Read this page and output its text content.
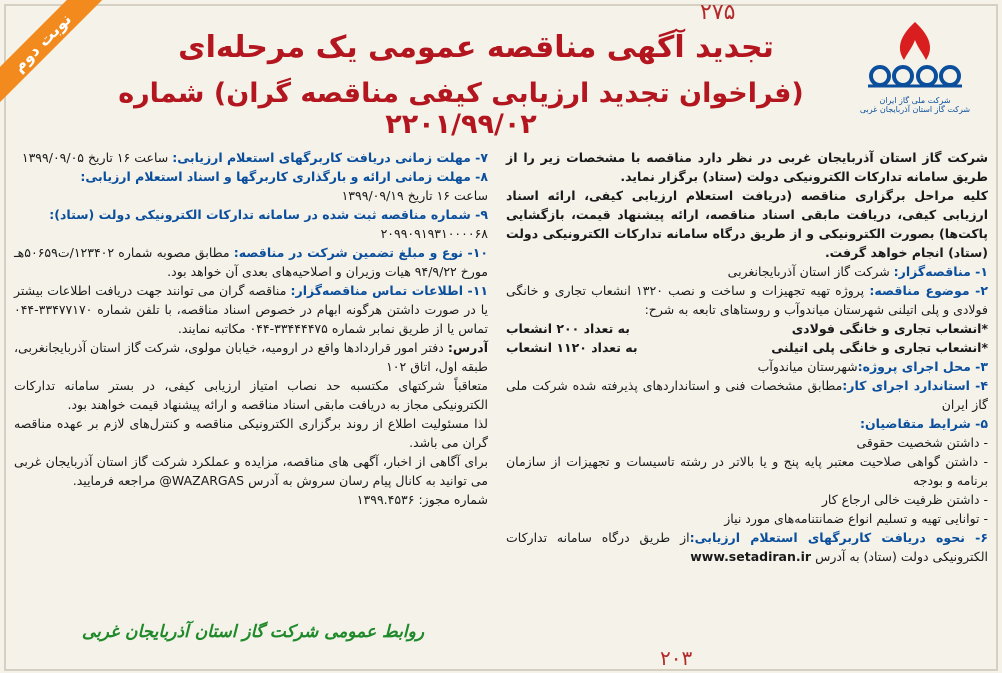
۲۷۵
۲۰۳
نوبت دوم
شرکت ملی گاز ایران
شرکت گاز استان آذربایجان غربی
تجدید آگهی مناقصه عمومی یک مرحله‌ای
(فراخوان تجدید ارزیابی کیفی مناقصه گران) شماره ۲۲۰۱/۹۹/۰۲

شرکت گاز استان آذربایجان غربی در نظر دارد مناقصه با مشخصات زیر را از طریق سامانه تدارکات الکترونیکی دولت (ستاد) برگزار نماید.

کلیه مراحل برگزاری مناقصه (دریافت استعلام ارزیابی کیفی، ارائه اسناد ارزیابی کیفی، دریافت مابقی اسناد مناقصه، ارائه پیشنهاد قیمت، بازگشایی پاکت‌ها) بصورت الکترونیکی و از طریق درگاه سامانه تدارکات الکترونیکی دولت (ستاد) انجام خواهد گرفت.

۱- مناقصه‌گزار: شرکت گاز استان آذربایجانغربی

۲- موضوع مناقصه: پروژه تهیه تجهیزات و ساخت و نصب ۱۳۲۰ انشعاب تجاری و خانگی فولادی و پلی اتیلنی شهرستان میاندوآب و روستاهای تابعه به شرح:

*انشعاب تجاری و خانگی فولادی
به تعداد ۲۰۰ انشعاب
*انشعاب تجاری و خانگی پلی اتیلنی
به تعداد ۱۱۲۰ انشعاب

۳- محل اجرای پروژه:شهرستان میاندوآب

۴- استاندارد اجرای کار:مطابق مشخصات فنی و استانداردهای پذیرفته شده شرکت ملی گاز ایران

۵- شرایط متقاضیان:

- داشتن شخصیت حقوقی

- داشتن گواهی صلاحیت معتبر پایه پنج و یا بالاتر در رشته تاسیسات و تجهیزات از سازمان برنامه و بودجه

- داشتن ظرفیت خالی ارجاع کار

- توانایی تهیه و تسلیم انواع ضمانتنامه‌های مورد نیاز

۶- نحوه دریافت کاربرگهای استعلام ارزیابی:از طریق درگاه سامانه تدارکات الکترونیکی دولت (ستاد) به آدرس www.setadiran.ir

۷- مهلت زمانی دریافت کاربرگهای استعلام ارزیابی: ساعت ۱۶ تاریخ ۱۳۹۹/۰۹/۰۵

۸- مهلت زمانی ارائه و بارگذاری کاربرگها و اسناد استعلام ارزیابی:

ساعت ۱۶ تاریخ ۱۳۹۹/۰۹/۱۹

۹- شماره مناقصه ثبت شده در سامانه تدارکات الکترونیکی دولت (ستاد):

۲۰۹۹۰۹۱۹۳۱۰۰۰۰۶۸

۱۰- نوع و مبلغ تضمین شرکت در مناقصه: مطابق مصوبه شماره ۱۲۳۴۰۲/ت۵۰۶۵۹هـ مورخ ۹۴/۹/۲۲ هیات وزیران و اصلاحیه‌های بعدی آن خواهد بود.

۱۱- اطلاعات تماس مناقصه‌گزار: مناقصه گران می توانند جهت دریافت اطلاعات بیشتر یا در صورت داشتن هرگونه ابهام در خصوص اسناد مناقصه، با تلفن شماره ۳۳۴۷۷۱۷۰-۰۴۴ تماس یا از طریق نمابر شماره ۳۳۴۴۴۴۷۵-۰۴۴ مکاتبه نمایند.

آدرس: دفتر امور قراردادها واقع در ارومیه، خیابان مولوی، شرکت گاز استان آذربایجانغربی، طبقه اول، اتاق ۱۰۲

متعاقباً شرکتهای مکتسبه حد نصاب امتیاز ارزیابی کیفی، در بستر سامانه تدارکات الکترونیکی مجاز به دریافت مابقی اسناد مناقصه و ارائه پیشنهاد قیمت خواهند بود.

لذا مسئولیت اطلاع از روند برگزاری الکترونیکی مناقصه و کنترل‌های لازم بر عهده مناقصه گران می باشد.

برای آگاهی از اخبار، آگهی های مناقصه، مزایده و عملکرد شرکت گاز استان آذربایجان غربی می توانید به کانال پیام رسان سروش به آدرس WAZARGAS@ مراجعه فرمایید.

شماره مجوز: ۱۳۹۹.۴۵۳۶

روابط عمومی شرکت گاز استان آذربایجان غربی
